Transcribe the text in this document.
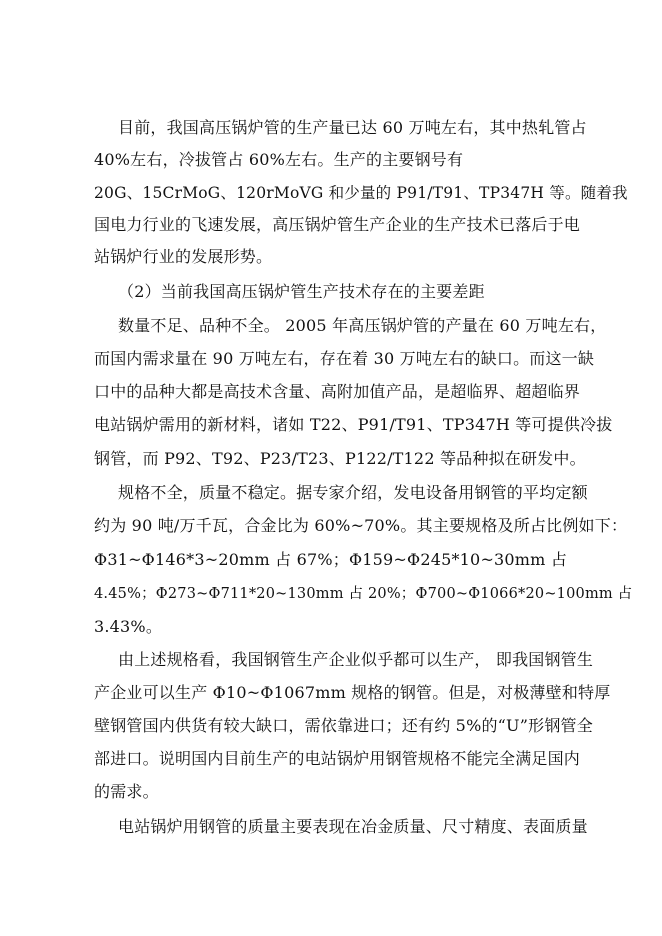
目前，我国高压锅炉管的生产量已达 60 万吨左右，其中热轧管占
40%左右，冷拔管占 60%左右。生产的主要钢号有
20G、15CrMoG、120rMoVG 和少量的 P91/T91、TP347H 等。随着我
国电力行业的飞速发展，高压锅炉管生产企业的生产技术已落后于电
站锅炉行业的发展形势。
（2）当前我国高压锅炉管生产技术存在的主要差距
数量不足、品种不全。 2005 年高压锅炉管的产量在 60 万吨左右，
而国内需求量在 90 万吨左右，存在着 30 万吨左右的缺口。而这一缺
口中的品种大都是高技术含量、高附加值产品，是超临界、超超临界
电站锅炉需用的新材料，诸如 T22、P91/T91、TP347H 等可提供冷拔
钢管，而 P92、T92、P23/T23、P122/T122 等品种拟在研发中。
规格不全，质量不稳定。据专家介绍，发电设备用钢管的平均定额
约为 90 吨/万千瓦，合金比为 60%~70%。其主要规格及所占比例如下：
Φ31~Φ146*3~20mm 占 67%；Φ159~Φ245*10~30mm 占
4.45%；Φ273~Φ711*20~130mm 占 20%；Φ700~Φ1066*20~100mm 占
3.43%。
由上述规格看，我国钢管生产企业似乎都可以生产， 即我国钢管生
产企业可以生产 Φ10~Φ1067mm 规格的钢管。但是，对极薄壁和特厚
壁钢管国内供货有较大缺口，需依靠进口；还有约 5%的“U”形钢管全
部进口。说明国内目前生产的电站锅炉用钢管规格不能完全满足国内
的需求。
电站锅炉用钢管的质量主要表现在冶金质量、尺寸精度、表面质量
